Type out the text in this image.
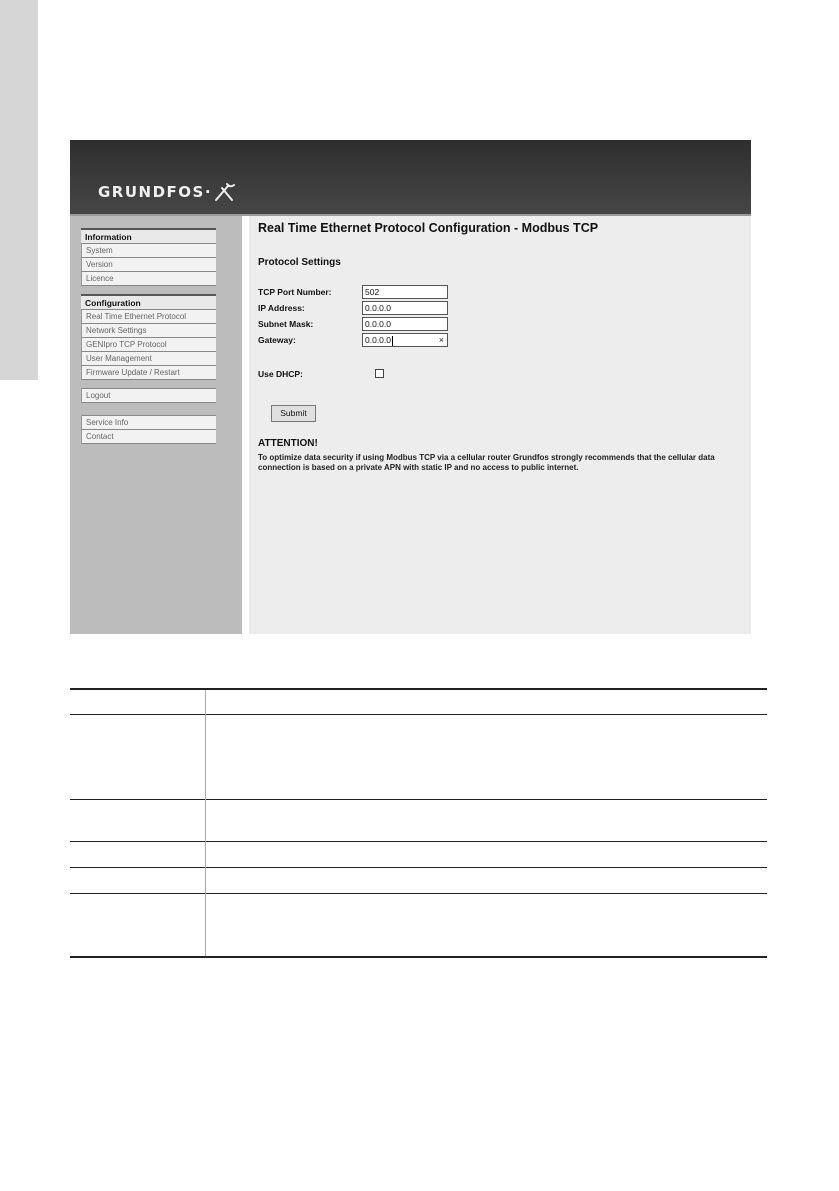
GRUNDFOS ·
Information
System
Version
Licence
Configuration
Real Time Ethernet Protocol
Network Settings
GENIpro TCP Protocol
User Management
Firmware Update / Restart
Logout
Service Info
Contact
Real Time Ethernet Protocol Configuration - Modbus TCP
Protocol Settings
TCP Port Number:	502
IP Address:	0.0.0.0
Subnet Mask:	0.0.0.0
Gateway:	0.0.0.0	×
Use DHCP:
Submit
ATTENTION!
To optimize data security if using Modbus TCP via a cellular router Grundfos strongly recommends that the cellular data connection is based on a private APN with static IP and no access to public internet.
